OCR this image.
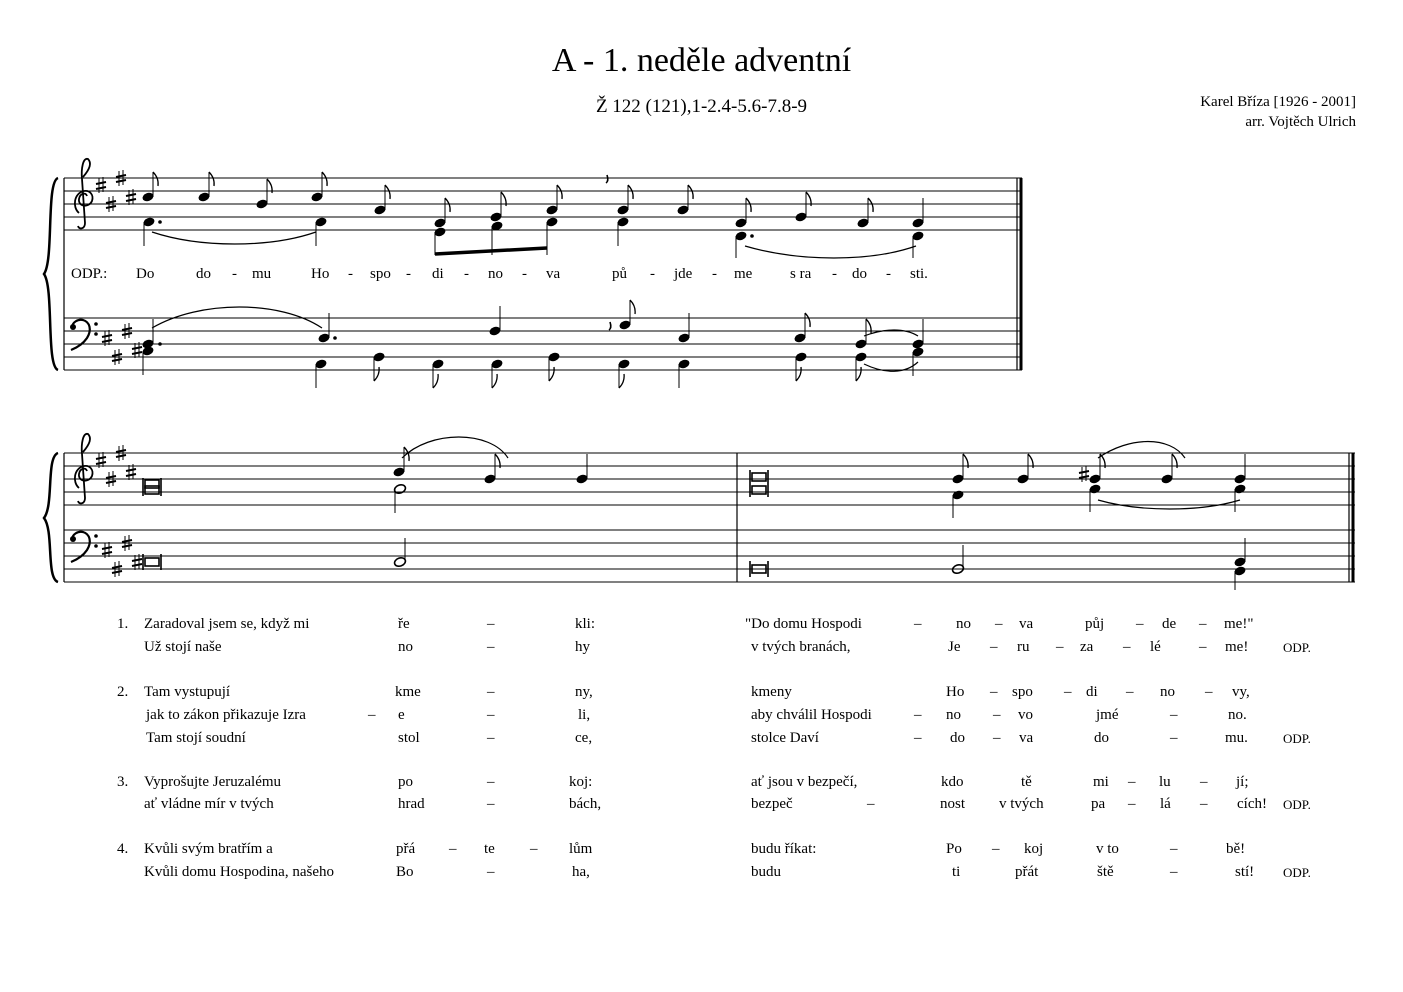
A - 1. neděle adventní
Ž 122 (121),1-2.4-5.6-7.8-9	Karel Bříza [1926 - 2001]
arr. Vojtěch Ulrich
ODP.: Do	do - mu	Ho - spo - di - no - va	pů - jde - me	s ra - do - sti.
1. Zaradoval jsem se, když mi	ře	–	kli:	"Do domu Hospodi	– no – va	půj – de – me!"
Už stojí naše	no	–	hy	v tvých branách,	Je – ru – za – lé	– me!	ODP.
2. Tam vystupují	kme	–	ny,	kmeny	Ho – spo – di – no – vy,
jak to zákon přikazuje Izra	– e	–	li,	aby chválil Hospodi	– no – vo	jmé	–	no.
Tam stojí soudní	stol	–	ce,	stolce Daví	– do – va	do	–	mu.	ODP.
3. Vyprošujte Jeruzalému	po	–	koj:	ať jsou v bezpečí,	kdo	tě	mi – lu – jí;
ať vládne mír v tvých	hrad	–	bách,	bezpeč	–	nost v tvých	pa – lá – cích! ODP.
4. Kvůli svým bratřím a	přá – te – lům	budu říkat:	Po – koj	v to	–	bě!
Kvůli domu Hospodina, našeho	Bo	–	ha,	budu	ti	přát	ště	–	stí! ODP.
